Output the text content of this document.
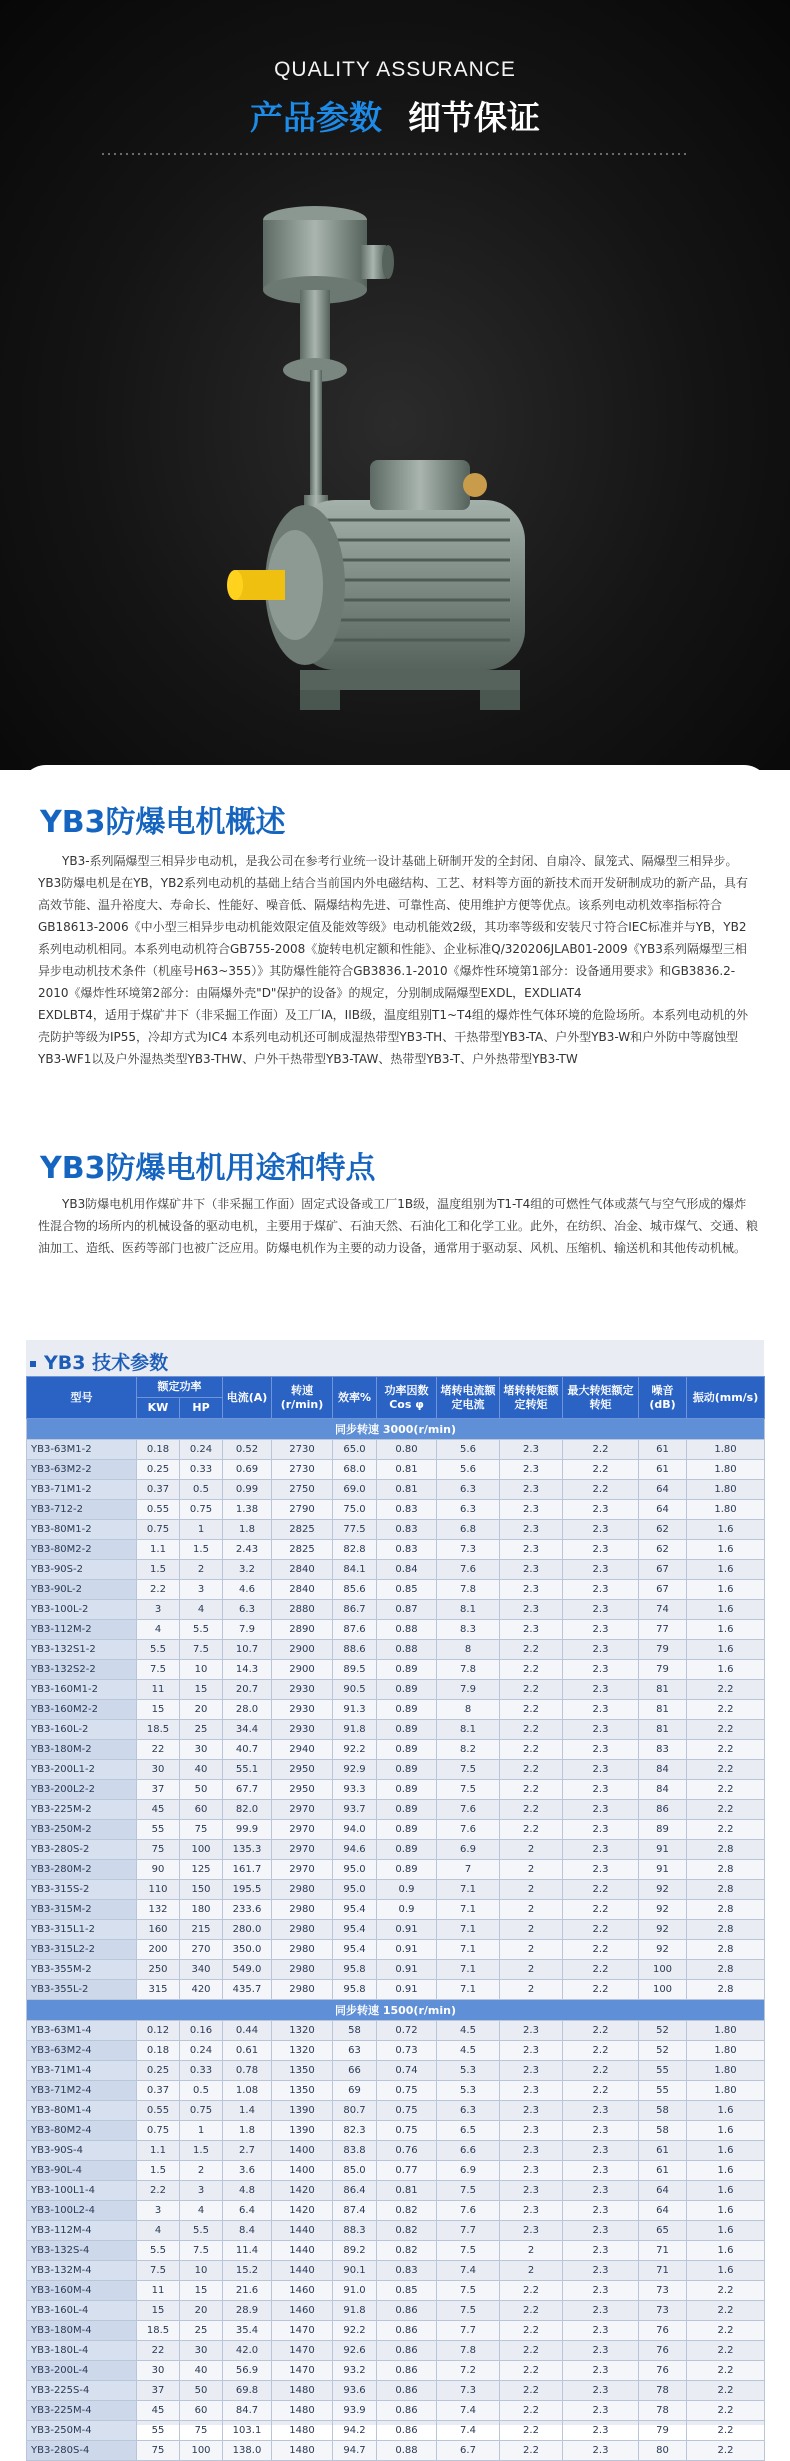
QUALITY ASSURANCE
产品参数 细节保证
YB3防爆电机概述

YB3-系列隔爆型三相异步电动机，是我公司在参考行业统一设计基础上研制开发的全封闭、自扇冷、鼠笼式、隔爆型三相异步。YB3防爆电机是在YB，YB2系列电动机的基础上结合当前国内外电磁结构、工艺、材料等方面的新技术而开发研制成功的新产品，具有高效节能、温升裕度大、寿命长、性能好、噪音低、隔爆结构先进、可靠性高、使用维护方便等优点。该系列电动机效率指标符合GB18613-2006《中小型三相异步电动机能效限定值及能效等级》电动机能效2级，其功率等级和安装尺寸符合IEC标准并与YB，YB2系列电动机相同。本系列电动机符合GB755-2008《旋转电机定额和性能》、企业标准Q/320206JLAB01-2009《YB3系列隔爆型三相异步电动机技术条件（机座号H63~355）》其防爆性能符合GB3836.1-2010《爆炸性环境第1部分：设备通用要求》和GB3836.2-2010《爆炸性环境第2部分：由隔爆外壳"D"保护的设备》的规定，分别制成隔爆型EXDL，EXDLIAT4

EXDLBT4，适用于煤矿井下（非采掘工作面）及工厂IA，IIB级，温度组别T1~T4组的爆炸性气体环境的危险场所。本系列电动机的外壳防护等级为IP55，冷却方式为IC4 本系列电动机还可制成湿热带型YB3-TH、干热带型YB3-TA、户外型YB3-W和户外防中等腐蚀型YB3-WF1以及户外湿热类型YB3-THW、户外干热带型YB3-TAW、热带型YB3-T、户外热带型YB3-TW

YB3防爆电机用途和特点

YB3防爆电机用作煤矿井下（非采掘工作面）固定式设备或工厂1B级，温度组别为T1-T4组的可燃性气体或蒸气与空气形成的爆炸性混合物的场所内的机械设备的驱动电机，主要用于煤矿、石油天然、石油化工和化学工业。此外，在纺织、冶金、城市煤气、交通、粮油加工、造纸、医药等部门也被广泛应用。防爆电机作为主要的动力设备，通常用于驱动泵、风机、压缩机、输送机和其他传动机械。

YB3 技术参数
型号	额定功率		电流(A)	转速(r/min)	效率%	功率因数Cos φ	堵转电流额定电流	堵转转矩额定转矩	最大转矩额定转矩	噪音(dB)	振动(mm/s)
	KW	HP									
同步转速 3000(r/min)											
YB3-63M1-2	0.18	0.24	0.52	2730	65.0	0.80	5.6	2.3	2.2	61	1.80
YB3-63M2-2	0.25	0.33	0.69	2730	68.0	0.81	5.6	2.3	2.2	61	1.80
YB3-71M1-2	0.37	0.5	0.99	2750	69.0	0.81	6.3	2.3	2.2	64	1.80
YB3-712-2	0.55	0.75	1.38	2790	75.0	0.83	6.3	2.3	2.3	64	1.80
YB3-80M1-2	0.75	1	1.8	2825	77.5	0.83	6.8	2.3	2.3	62	1.6
YB3-80M2-2	1.1	1.5	2.43	2825	82.8	0.83	7.3	2.3	2.3	62	1.6
YB3-90S-2	1.5	2	3.2	2840	84.1	0.84	7.6	2.3	2.3	67	1.6
YB3-90L-2	2.2	3	4.6	2840	85.6	0.85	7.8	2.3	2.3	67	1.6
YB3-100L-2	3	4	6.3	2880	86.7	0.87	8.1	2.3	2.3	74	1.6
YB3-112M-2	4	5.5	7.9	2890	87.6	0.88	8.3	2.3	2.3	77	1.6
YB3-132S1-2	5.5	7.5	10.7	2900	88.6	0.88	8	2.2	2.3	79	1.6
YB3-132S2-2	7.5	10	14.3	2900	89.5	0.89	7.8	2.2	2.3	79	1.6
YB3-160M1-2	11	15	20.7	2930	90.5	0.89	7.9	2.2	2.3	81	2.2
YB3-160M2-2	15	20	28.0	2930	91.3	0.89	8	2.2	2.3	81	2.2
YB3-160L-2	18.5	25	34.4	2930	91.8	0.89	8.1	2.2	2.3	81	2.2
YB3-180M-2	22	30	40.7	2940	92.2	0.89	8.2	2.2	2.3	83	2.2
YB3-200L1-2	30	40	55.1	2950	92.9	0.89	7.5	2.2	2.3	84	2.2
YB3-200L2-2	37	50	67.7	2950	93.3	0.89	7.5	2.2	2.3	84	2.2
YB3-225M-2	45	60	82.0	2970	93.7	0.89	7.6	2.2	2.3	86	2.2
YB3-250M-2	55	75	99.9	2970	94.0	0.89	7.6	2.2	2.3	89	2.2
YB3-280S-2	75	100	135.3	2970	94.6	0.89	6.9	2	2.3	91	2.8
YB3-280M-2	90	125	161.7	2970	95.0	0.89	7	2	2.3	91	2.8
YB3-315S-2	110	150	195.5	2980	95.0	0.9	7.1	2	2.2	92	2.8
YB3-315M-2	132	180	233.6	2980	95.4	0.9	7.1	2	2.2	92	2.8
YB3-315L1-2	160	215	280.0	2980	95.4	0.91	7.1	2	2.2	92	2.8
YB3-315L2-2	200	270	350.0	2980	95.4	0.91	7.1	2	2.2	92	2.8
YB3-355M-2	250	340	549.0	2980	95.8	0.91	7.1	2	2.2	100	2.8
YB3-355L-2	315	420	435.7	2980	95.8	0.91	7.1	2	2.2	100	2.8
同步转速 1500(r/min)											
YB3-63M1-4	0.12	0.16	0.44	1320	58	0.72	4.5	2.3	2.2	52	1.80
YB3-63M2-4	0.18	0.24	0.61	1320	63	0.73	4.5	2.3	2.2	52	1.80
YB3-71M1-4	0.25	0.33	0.78	1350	66	0.74	5.3	2.3	2.2	55	1.80
YB3-71M2-4	0.37	0.5	1.08	1350	69	0.75	5.3	2.3	2.2	55	1.80
YB3-80M1-4	0.55	0.75	1.4	1390	80.7	0.75	6.3	2.3	2.3	58	1.6
YB3-80M2-4	0.75	1	1.8	1390	82.3	0.75	6.5	2.3	2.3	58	1.6
YB3-90S-4	1.1	1.5	2.7	1400	83.8	0.76	6.6	2.3	2.3	61	1.6
YB3-90L-4	1.5	2	3.6	1400	85.0	0.77	6.9	2.3	2.3	61	1.6
YB3-100L1-4	2.2	3	4.8	1420	86.4	0.81	7.5	2.3	2.3	64	1.6
YB3-100L2-4	3	4	6.4	1420	87.4	0.82	7.6	2.3	2.3	64	1.6
YB3-112M-4	4	5.5	8.4	1440	88.3	0.82	7.7	2.3	2.3	65	1.6
YB3-132S-4	5.5	7.5	11.4	1440	89.2	0.82	7.5	2	2.3	71	1.6
YB3-132M-4	7.5	10	15.2	1440	90.1	0.83	7.4	2	2.3	71	1.6
YB3-160M-4	11	15	21.6	1460	91.0	0.85	7.5	2.2	2.3	73	2.2
YB3-160L-4	15	20	28.9	1460	91.8	0.86	7.5	2.2	2.3	73	2.2
YB3-180M-4	18.5	25	35.4	1470	92.2	0.86	7.7	2.2	2.3	76	2.2
YB3-180L-4	22	30	42.0	1470	92.6	0.86	7.8	2.2	2.3	76	2.2
YB3-200L-4	30	40	56.9	1470	93.2	0.86	7.2	2.2	2.3	76	2.2
YB3-225S-4	37	50	69.8	1480	93.6	0.86	7.3	2.2	2.3	78	2.2
YB3-225M-4	45	60	84.7	1480	93.9	0.86	7.4	2.2	2.3	78	2.2
YB3-250M-4	55	75	103.1	1480	94.2	0.86	7.4	2.2	2.3	79	2.2
YB3-280S-4	75	100	138.0	1480	94.7	0.88	6.7	2.2	2.3	80	2.2
